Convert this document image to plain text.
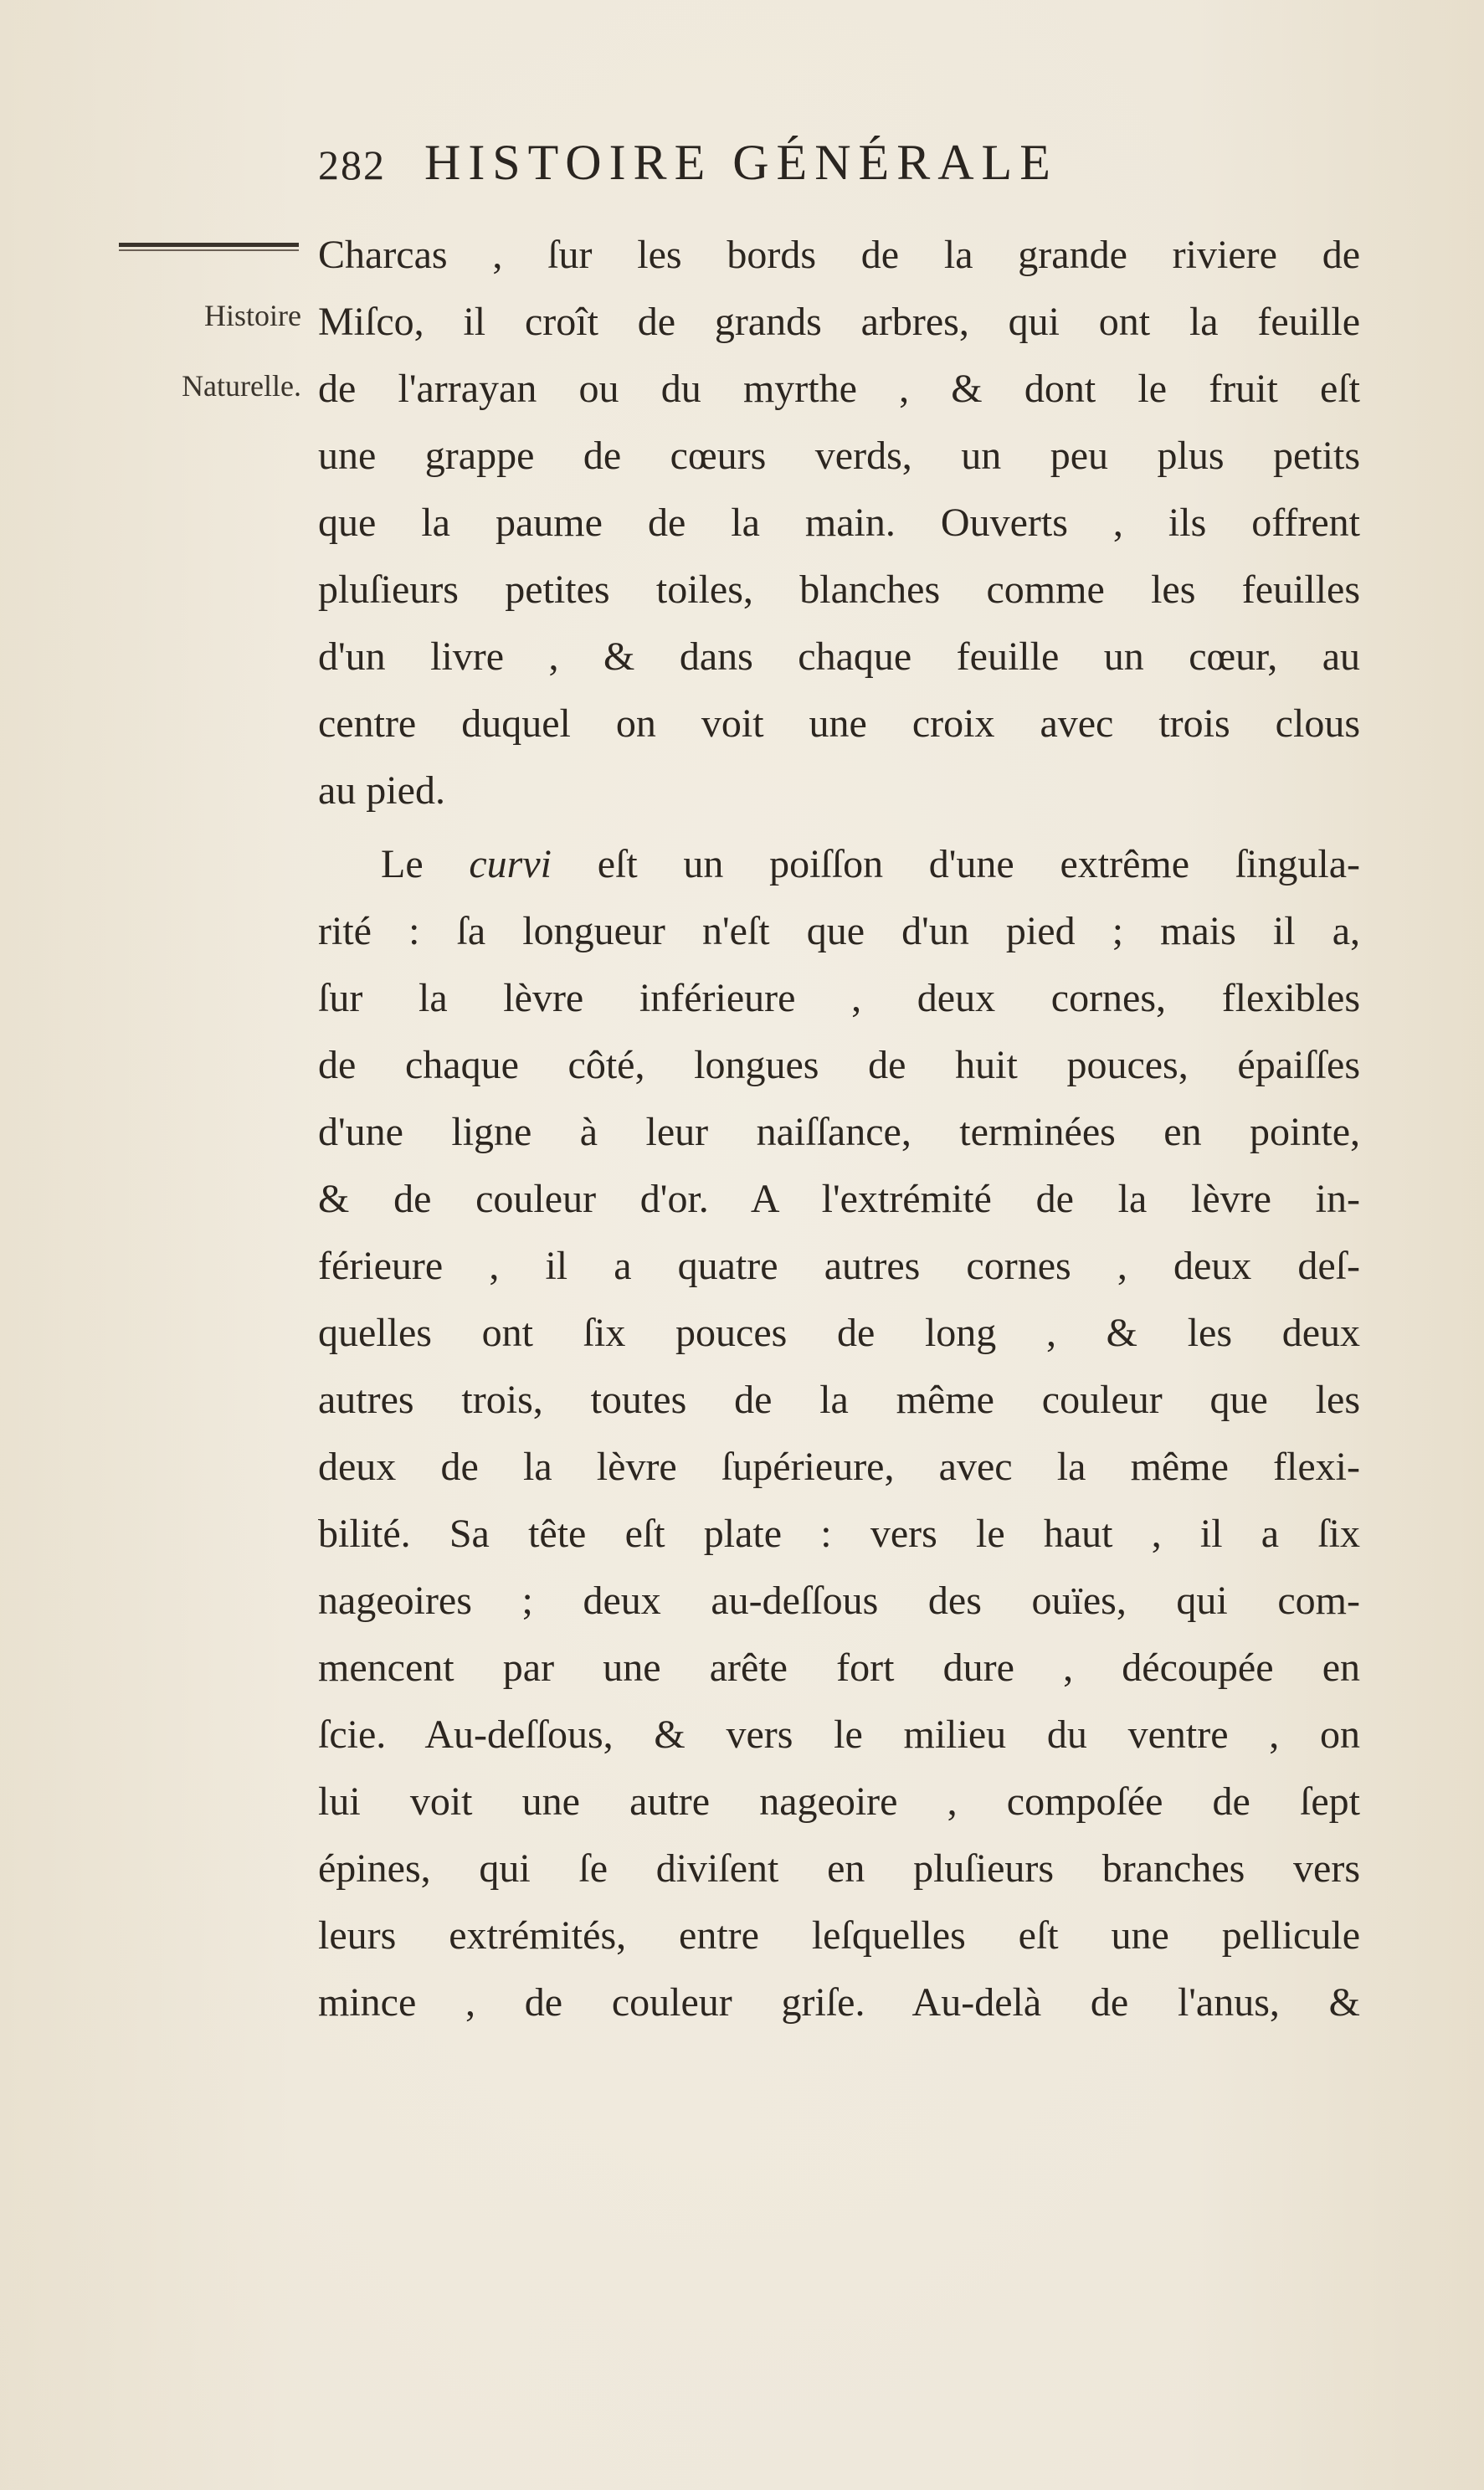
282 HISTOIRE GÉNÉRALE
Histoire
Naturelle.
Charcas , ſur les bords de la grande riviere de
Miſco, il croît de grands arbres, qui ont la feuille
de l'arrayan ou du myrthe , & dont le fruit eſt
une grappe de cœurs verds, un peu plus petits
que la paume de la main. Ouverts , ils offrent
pluſieurs petites toiles, blanches comme les feuilles
d'un livre , & dans chaque feuille un cœur, au
centre duquel on voit une croix avec trois clous
au pied.
Le curvi eſt un poiſſon d'une extrême ſingula-
rité : ſa longueur n'eſt que d'un pied ; mais il a,
ſur la lèvre inférieure , deux cornes, flexibles
de chaque côté, longues de huit pouces, épaiſſes
d'une ligne à leur naiſſance, terminées en pointe,
& de couleur d'or. A l'extrémité de la lèvre in-
férieure , il a quatre autres cornes , deux deſ-
quelles ont ſix pouces de long , & les deux
autres trois, toutes de la même couleur que les
deux de la lèvre ſupérieure, avec la même flexi-
bilité. Sa tête eſt plate : vers le haut , il a ſix
nageoires ; deux au-deſſous des ouïes, qui com-
mencent par une arête fort dure , découpée en
ſcie. Au-deſſous, & vers le milieu du ventre , on
lui voit une autre nageoire , compoſée de ſept
épines, qui ſe diviſent en pluſieurs branches vers
leurs extrémités, entre leſquelles eſt une pellicule
mince , de couleur griſe. Au-delà de l'anus, &
